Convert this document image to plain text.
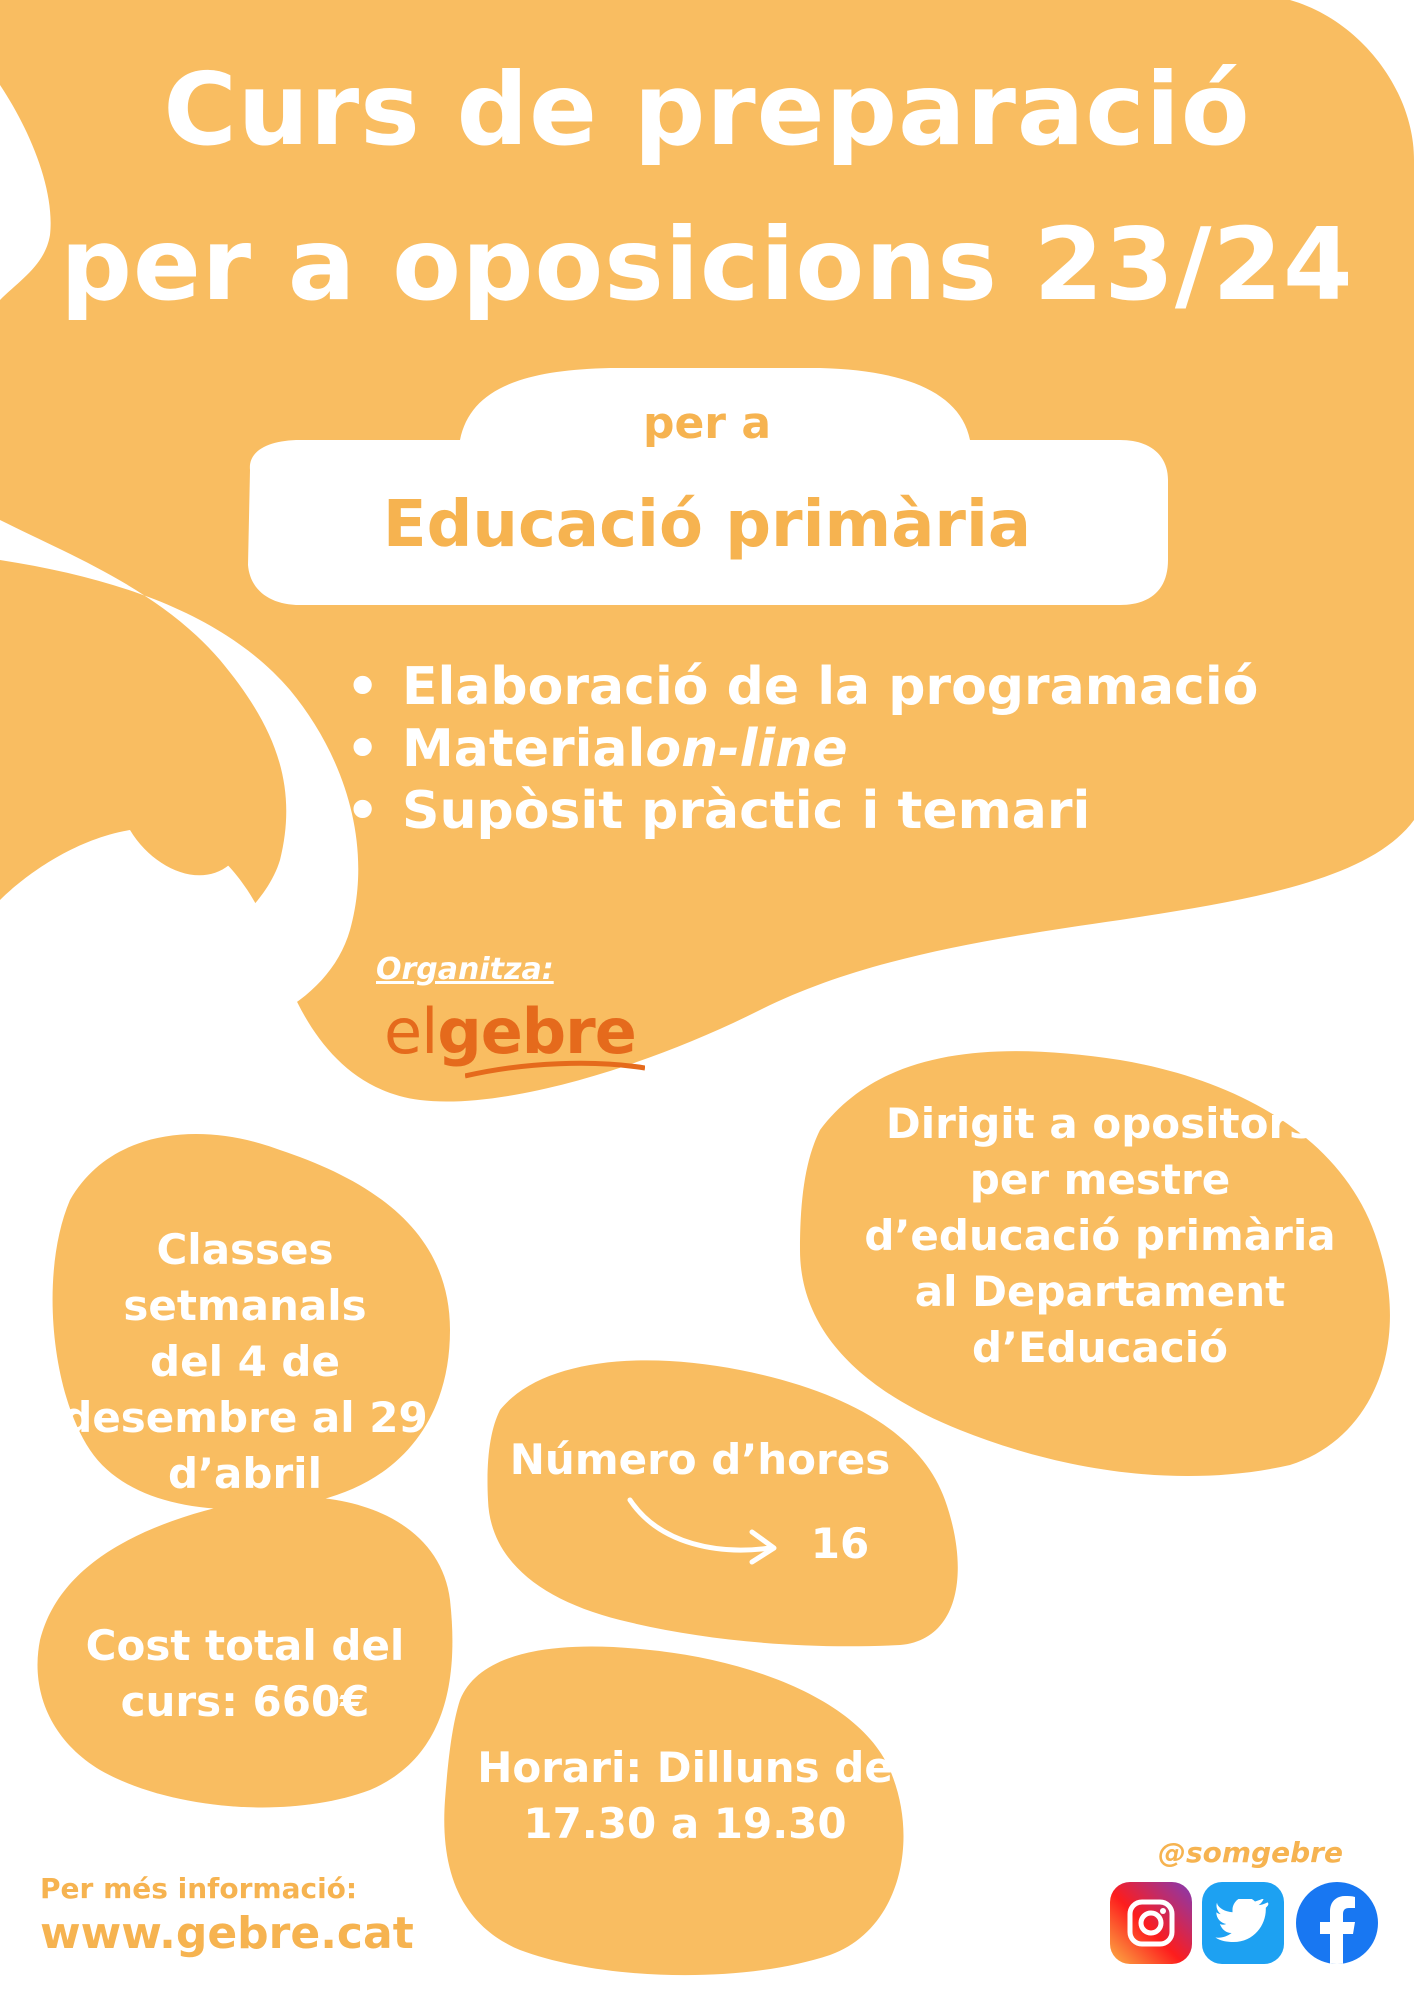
Curs de preparació
per a oposicions 23/24
per a
Educació primària
• Elaboració de la programació
• Materialon-line
• Supòsit pràctic i temari
Organitza:
elgebre
Dirigit a opositors
per mestre
d’educació primària
al Departament
d’Educació
Classes setmanals
del 4 de
desembre al 29
d’abril	Número d’hores
16
Cost total del
curs: 660€
Horari: Dilluns de
17.30 a 19.30
Per més informació:
www.gebre.cat
@somgebre
